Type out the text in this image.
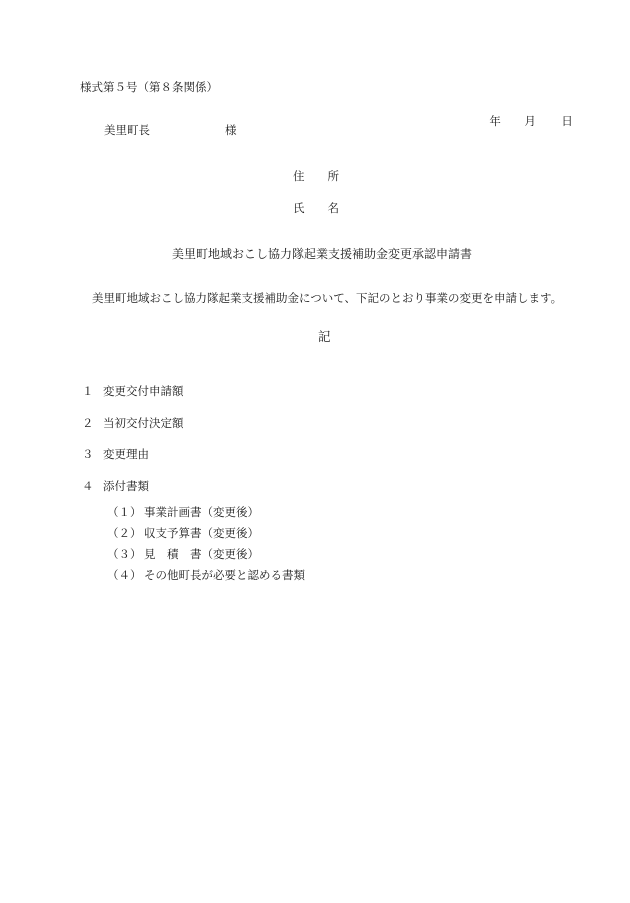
様式第５号（第８条関係）

年 月 日

美里町長	様
住　　所
氏　　名
美里町地域おこし協力隊起業支援補助金変更承認申請書
美里町地域おこし協力隊起業支援補助金について、下記のとおり事業の変更を申請します。
記
１ 変更交付申請額
２ 当初交付決定額
３ 変更理由
４ 添付書類
（１） 事業計画書（変更後）
（２） 収支予算書（変更後）
（３） 見　積　書（変更後）
（４） その他町長が必要と認める書類
